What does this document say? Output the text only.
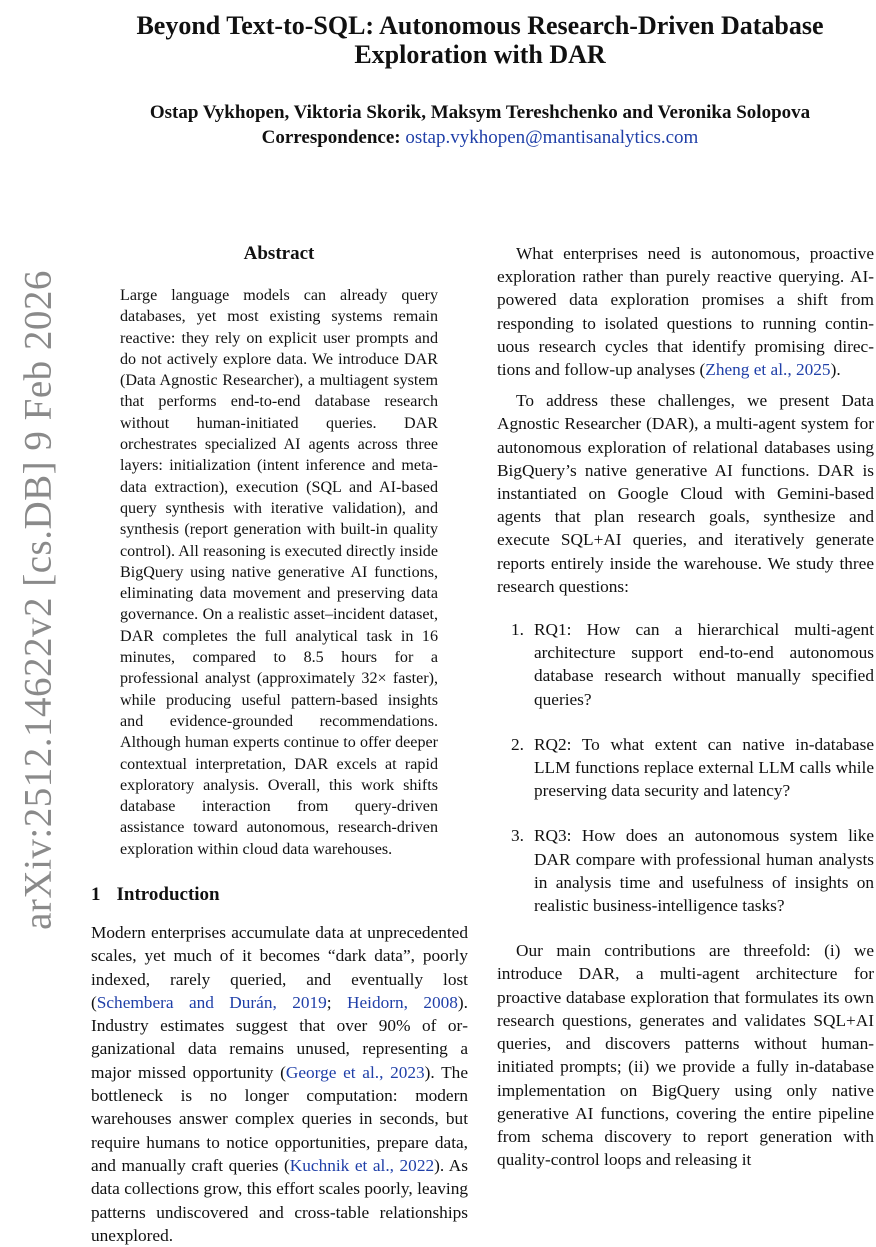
arXiv:2512.14622v2 [cs.DB] 9 Feb 2026
Beyond Text-to-SQL: Autonomous Research-Driven Database Exploration with DAR
Ostap Vykhopen, Viktoria Skorik, Maksym Tereshchenko and Veronika Solopova
Correspondence: ostap.vykhopen@mantisanalytics.com
Abstract

Large language models can already query databases, yet most existing systems remain reactive: they rely on explicit user prompts and do not actively explore data. We introduce DAR (Data Agnostic Researcher), a multiagent system that performs end-to-end database research without human-initiated queries. DAR orchestrates specialized AI agents across three layers: initialization (intent inference and metadata extraction), execution (SQL and AI-based query synthesis with iterative validation), and synthesis (report generation with built-in quality control). All reasoning is executed directly inside BigQuery using native generative AI functions, eliminating data movement and preserving data governance. On a realistic asset–incident dataset, DAR completes the full analytical task in 16 minutes, compared to 8.5 hours for a professional analyst (approximately 32× faster), while producing useful pattern-based insights and evidence-grounded recommendations. Although human experts continue to offer deeper contextual interpretation, DAR excels at rapid exploratory analysis. Overall, this work shifts database interaction from query-driven assistance toward autonomous, research-driven exploration within cloud data warehouses.

1 Introduction

Modern enterprises accumulate data at unprecedented scales, yet much of it becomes “dark data”, poorly indexed, rarely queried, and eventually lost (Schembera and Durán, 2019; Heidorn, 2008). Industry estimates suggest that over 90% of organizational data remains unused, representing a major missed opportunity (George et al., 2023). The bottleneck is no longer computation: modern warehouses answer complex queries in seconds, but require humans to notice opportunities, prepare data, and manually craft queries (Kuchnik et al., 2022). As data collections grow, this effort scales poorly, leaving patterns undiscovered and cross-table relationships unexplored.

What enterprises need is autonomous, proactive exploration rather than purely reactive querying. AI-powered data exploration promises a shift from responding to isolated questions to running continuous research cycles that identify promising directions and follow-up analyses (Zheng et al., 2025).

To address these challenges, we present Data Agnostic Researcher (DAR), a multi-agent system for autonomous exploration of relational databases using BigQuery’s native generative AI functions. DAR is instantiated on Google Cloud with Gemini-based agents that plan research goals, synthesize and execute SQL+AI queries, and iteratively generate reports entirely inside the warehouse. We study three research questions:

1. RQ1: How can a hierarchical multi-agent architecture support end-to-end autonomous database research without manually specified queries?
2. RQ2: To what extent can native in-database LLM functions replace external LLM calls while preserving data security and latency?
3. RQ3: How does an autonomous system like DAR compare with professional human analysts in analysis time and usefulness of insights on realistic business-intelligence tasks?

Our main contributions are threefold: (i) we introduce DAR, a multi-agent architecture for proactive database exploration that formulates its own research questions, generates and validates SQL+AI queries, and discovers patterns without human-initiated prompts; (ii) we provide a fully in-database implementation on BigQuery using only native generative AI functions, covering the entire pipeline from schema discovery to report generation with quality-control loops and releasing it
